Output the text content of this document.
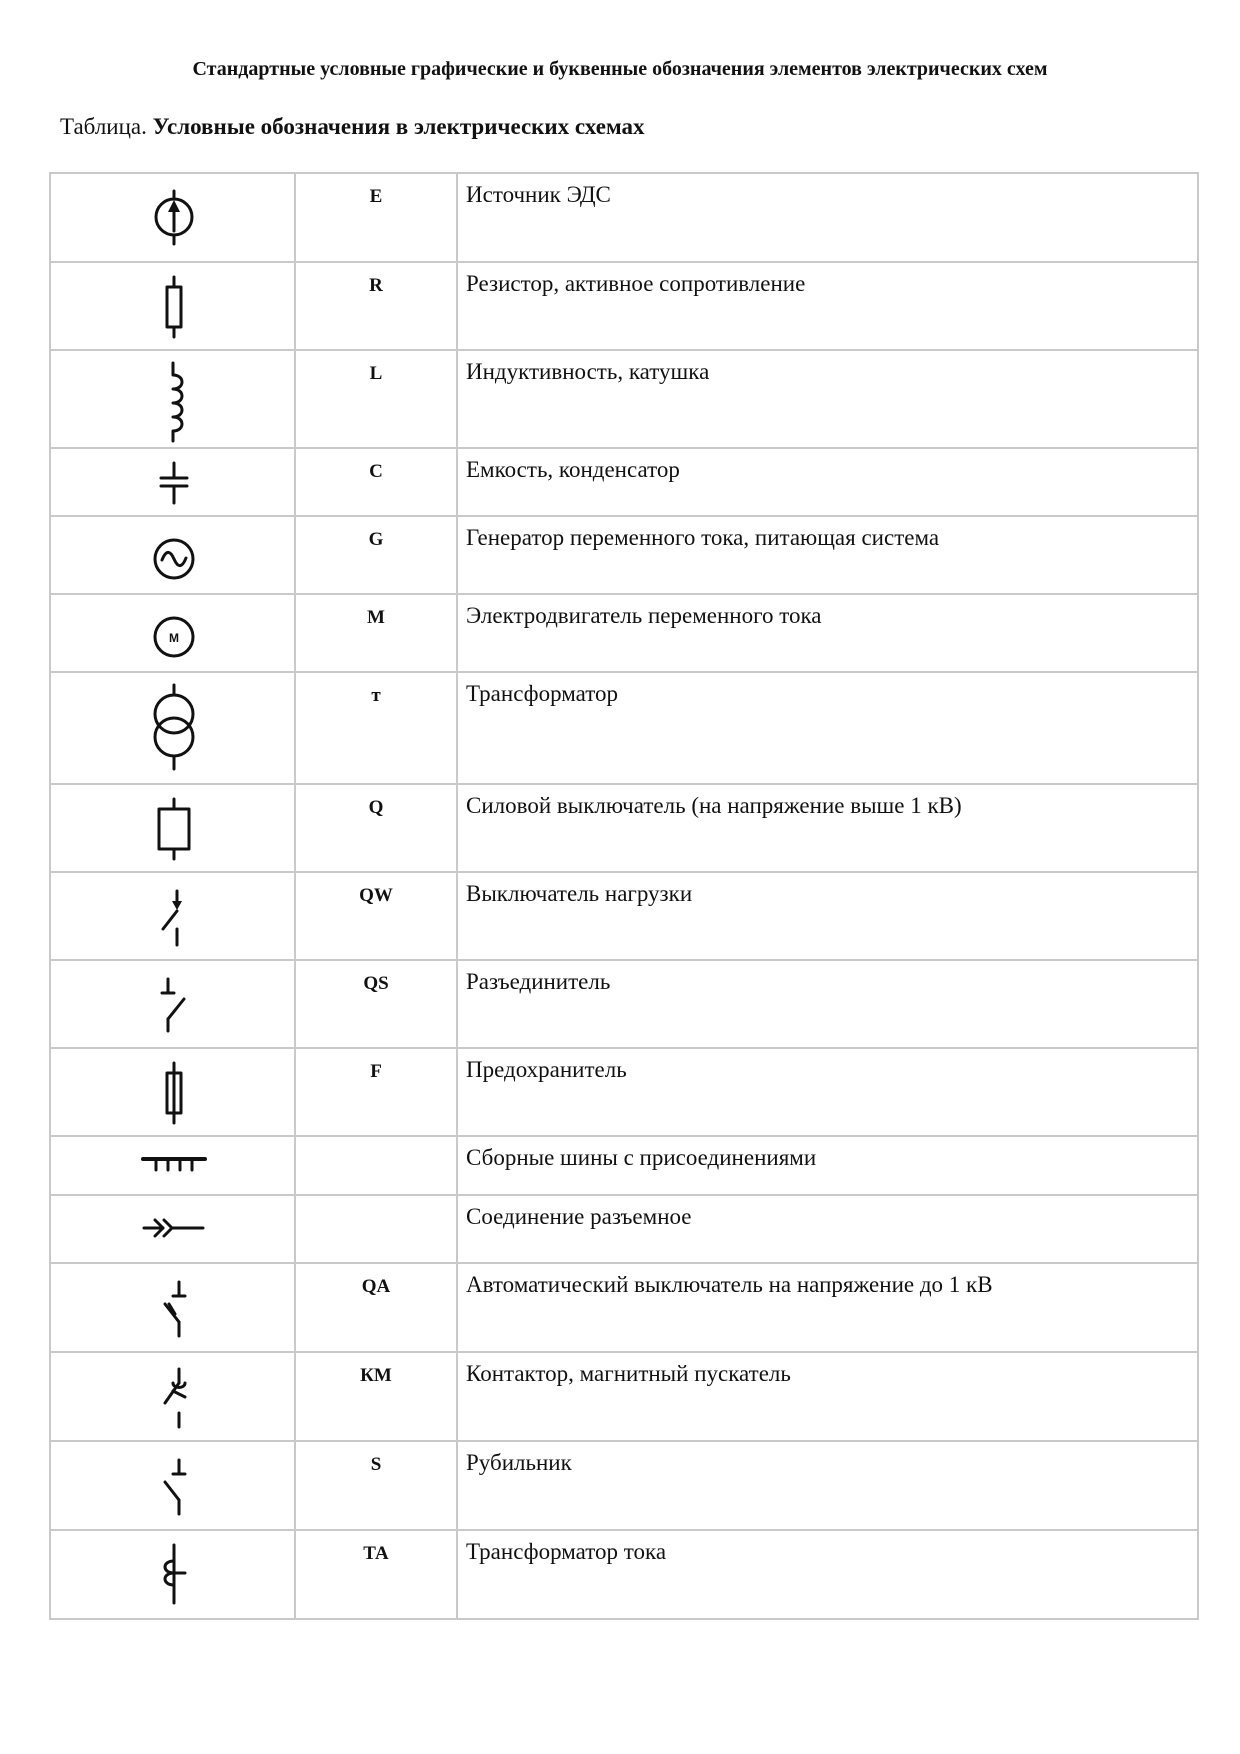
Стандартные условные графические и буквенные обозначения элементов электрических схем
Таблица. Условные обозначения в электрических схемах
	E	Источник ЭДС

	R	Резистор, активное сопротивление

	L	Индуктивность, катушка

	C	Емкость, конденсатор

	G	Генератор переменного тока, питающая система

M	M	Электродвигатель переменного тока

	т	Трансформатор

	Q	Силовой выключатель (на напряжение выше 1 кВ)

	QW	Выключатель нагрузки

	QS	Разъединитель

	F	Предохранитель

		Сборные шины с присоединениями

		Соединение разъемное

	QA	Автоматический выключатель на напряжение до 1 кВ

	КМ	Контактор, магнитный пускатель

	S	Рубильник

	ТА	Трансформатор тока
